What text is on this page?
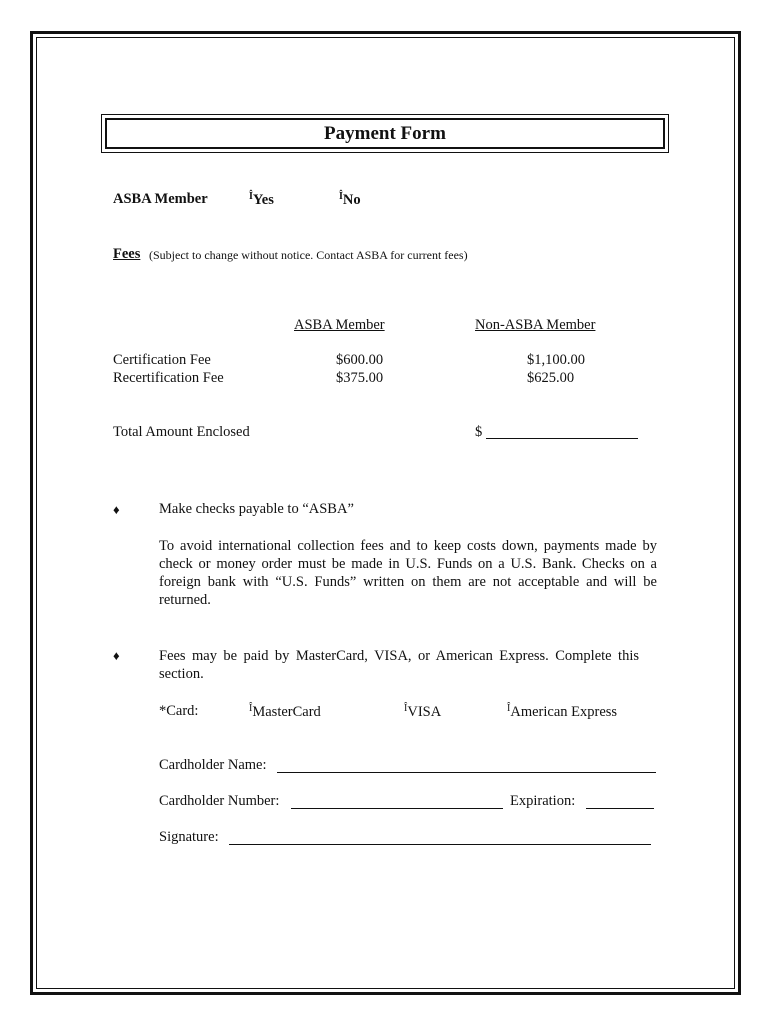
Payment Form
ASBA Member	$^Î$Yes	$^Î$No
Fees (Subject to change without notice. Contact ASBA for current fees)
ASBA Member	Non-ASBA Member
Certification Fee	$600.00	$1,100.00
Recertification Fee	$375.00	$625.00
Total Amount Enclosed	$
♦	Make checks payable to “ASBA”
To avoid international collection fees and to keep costs down, payments made by check or money order must be made in U.S. Funds on a U.S. Bank. Checks on a foreign bank with “U.S. Funds” written on them are not acceptable and will be returned.
♦	Fees may be paid by MasterCard, VISA, or American Express. Complete this section.
*Card:	$^Î$MasterCard	$^Î$VISA	$^Î$American Express
Cardholder Name:
Cardholder Number:	Expiration:
Signature:
